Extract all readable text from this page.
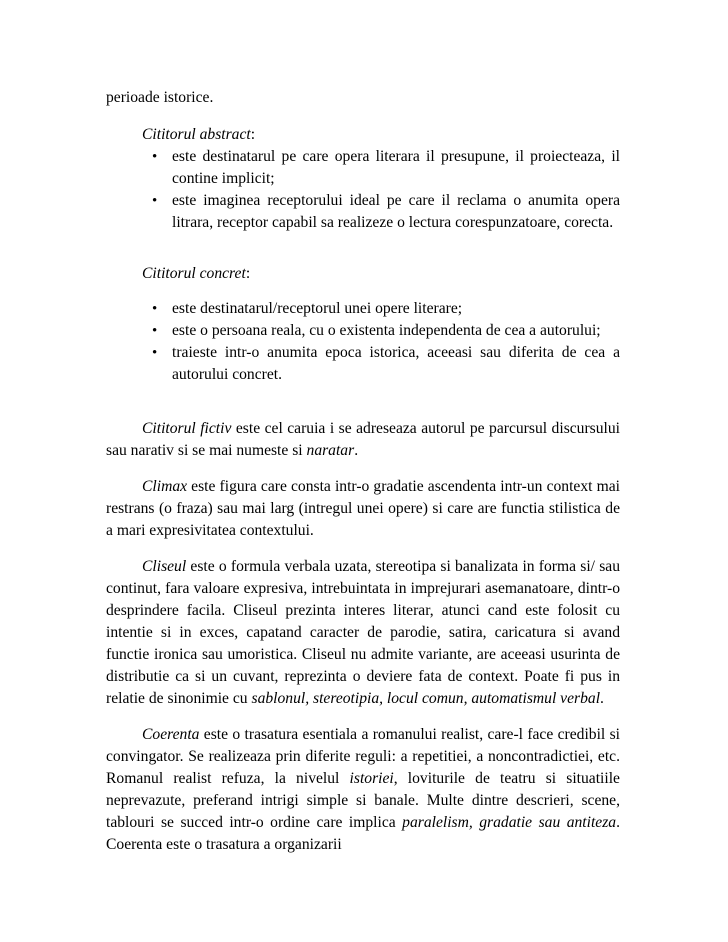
perioade istorice.

Cititorul abstract:
• este destinatarul pe care opera literara il presupune, il proiecteaza, il contine implicit;
• este imaginea receptorului ideal pe care il reclama o anumita opera litrara, receptor capabil sa realizeze o lectura corespunzatoare, corecta.
Cititorul concret:
• este destinatarul/receptorul unei opere literare;
• este o persoana reala, cu o existenta independenta de cea a autorului;
• traieste intr-o anumita epoca istorica, aceeasi sau diferita de cea a autorului concret.

Cititorul fictiv este cel caruia i se adreseaza autorul pe parcursul discursului sau narativ si se mai numeste si naratar.

Climax este figura care consta intr-o gradatie ascendenta intr-un context mai restrans (o fraza) sau mai larg (intregul unei opere) si care are functia stilistica de a mari expresivitatea contextului.

Cliseul este o formula verbala uzata, stereotipa si banalizata in forma si/ sau continut, fara valoare expresiva, intrebuintata in imprejurari asemanatoare, dintr-o desprindere facila. Cliseul prezinta interes literar, atunci cand este folosit cu intentie si in exces, capatand caracter de parodie, satira, caricatura si avand functie ironica sau umoristica. Cliseul nu admite variante, are aceeasi usurinta de distributie ca si un cuvant, reprezinta o deviere fata de context. Poate fi pus in relatie de sinonimie cu sablonul, stereotipia, locul comun, automatismul verbal.

Coerenta este o trasatura esentiala a romanului realist, care-l face credibil si convingator. Se realizeaza prin diferite reguli: a repetitiei, a noncontradictiei, etc. Romanul realist refuza, la nivelul istoriei, loviturile de teatru si situatiile neprevazute, preferand intrigi simple si banale. Multe dintre descrieri, scene, tablouri se succed intr-o ordine care implica paralelism, gradatie sau antiteza. Coerenta este o trasatura a organizarii
